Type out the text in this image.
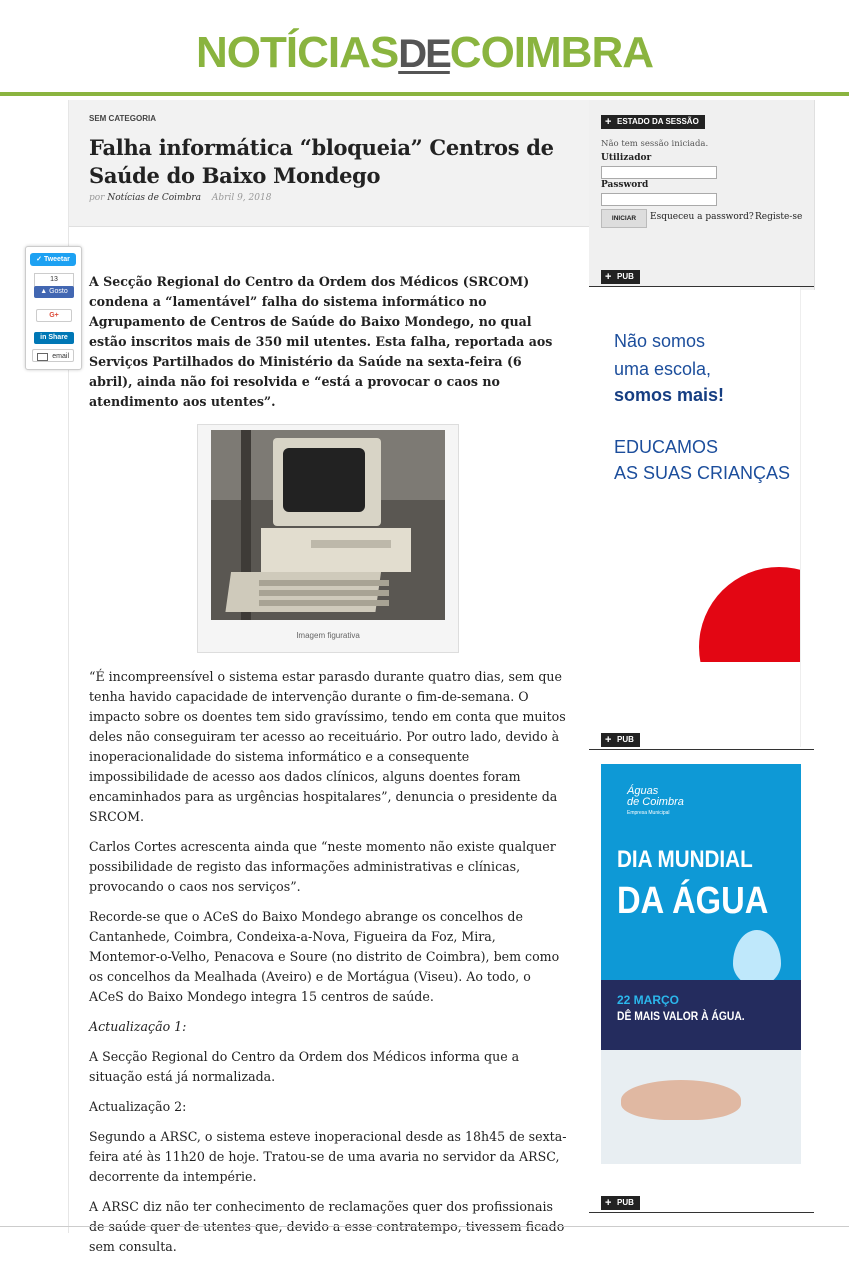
NOTÍCIASDECOIMBRA
SEM CATEGORIA
Falha informática “bloqueia” Centros de Saúde do Baixo Mondego
por Notícias de Coimbra Abril 9, 2018

A Secção Regional do Centro da Ordem dos Médicos (SRCOM) condena a “lamentável” falha do sistema informático no Agrupamento de Centros de Saúde do Baixo Mondego, no qual estão inscritos mais de 350 mil utentes. Esta falha, reportada aos Serviços Partilhados do Ministério da Saúde na sexta-feira (6 abril), ainda não foi resolvida e “está a provocar o caos no atendimento aos utentes”.

Imagem figurativa

“É incompreensível o sistema estar parasdo durante quatro dias, sem que tenha havido capacidade de intervenção durante o fim-de-semana. O impacto sobre os doentes tem sido gravíssimo, tendo em conta que muitos deles não conseguiram ter acesso ao receituário. Por outro lado, devido à inoperacionalidade do sistema informático e a consequente impossibilidade de acesso aos dados clínicos, alguns doentes foram encaminhados para as urgências hospitalares”, denuncia o presidente da SRCOM.

Carlos Cortes acrescenta ainda que “neste momento não existe qualquer possibilidade de registo das informações administrativas e clínicas, provocando o caos nos serviços”.

Recorde-se que o ACeS do Baixo Mondego abrange os concelhos de Cantanhede, Coimbra, Condeixa-a-Nova, Figueira da Foz, Mira, Montemor-o-Velho, Penacova e Soure (no distrito de Coimbra), bem como os concelhos da Mealhada (Aveiro) e de Mortágua (Viseu). Ao todo, o ACeS do Baixo Mondego integra 15 centros de saúde.

Actualização 1:

A Secção Regional do Centro da Ordem dos Médicos informa que a situação está já normalizada.

Actualização 2:

Segundo a ARSC, o sistema esteve inoperacional desde as 18h45 de sexta-feira até às 11h20 de hoje. Tratou-se de uma avaria no servidor da ARSC, decorrente da intempérie.

A ARSC diz não ter conhecimento de reclamações quer dos profissionais de saúde quer de utentes que, devido a esse contratempo, tivessem ficado sem consulta.

✓ Tweetar
13
▲ Gosto
G+
in Share
email
+ ESTADO DA SESSÃO
Não tem sessão iniciada.
Utilizador
Password
INICIAR	Esqueceu a password? Registe-se
+ PUB
Não somos
uma escola,
somos mais!
EDUCAMOS
AS SUAS CRIANÇAS
+ PUB
Águas
de Coimbra
Empresa Municipal
DIA MUNDIAL
DA ÁGUA
22 MARÇO
DÊ MAIS VALOR À ÁGUA.
+ PUB
